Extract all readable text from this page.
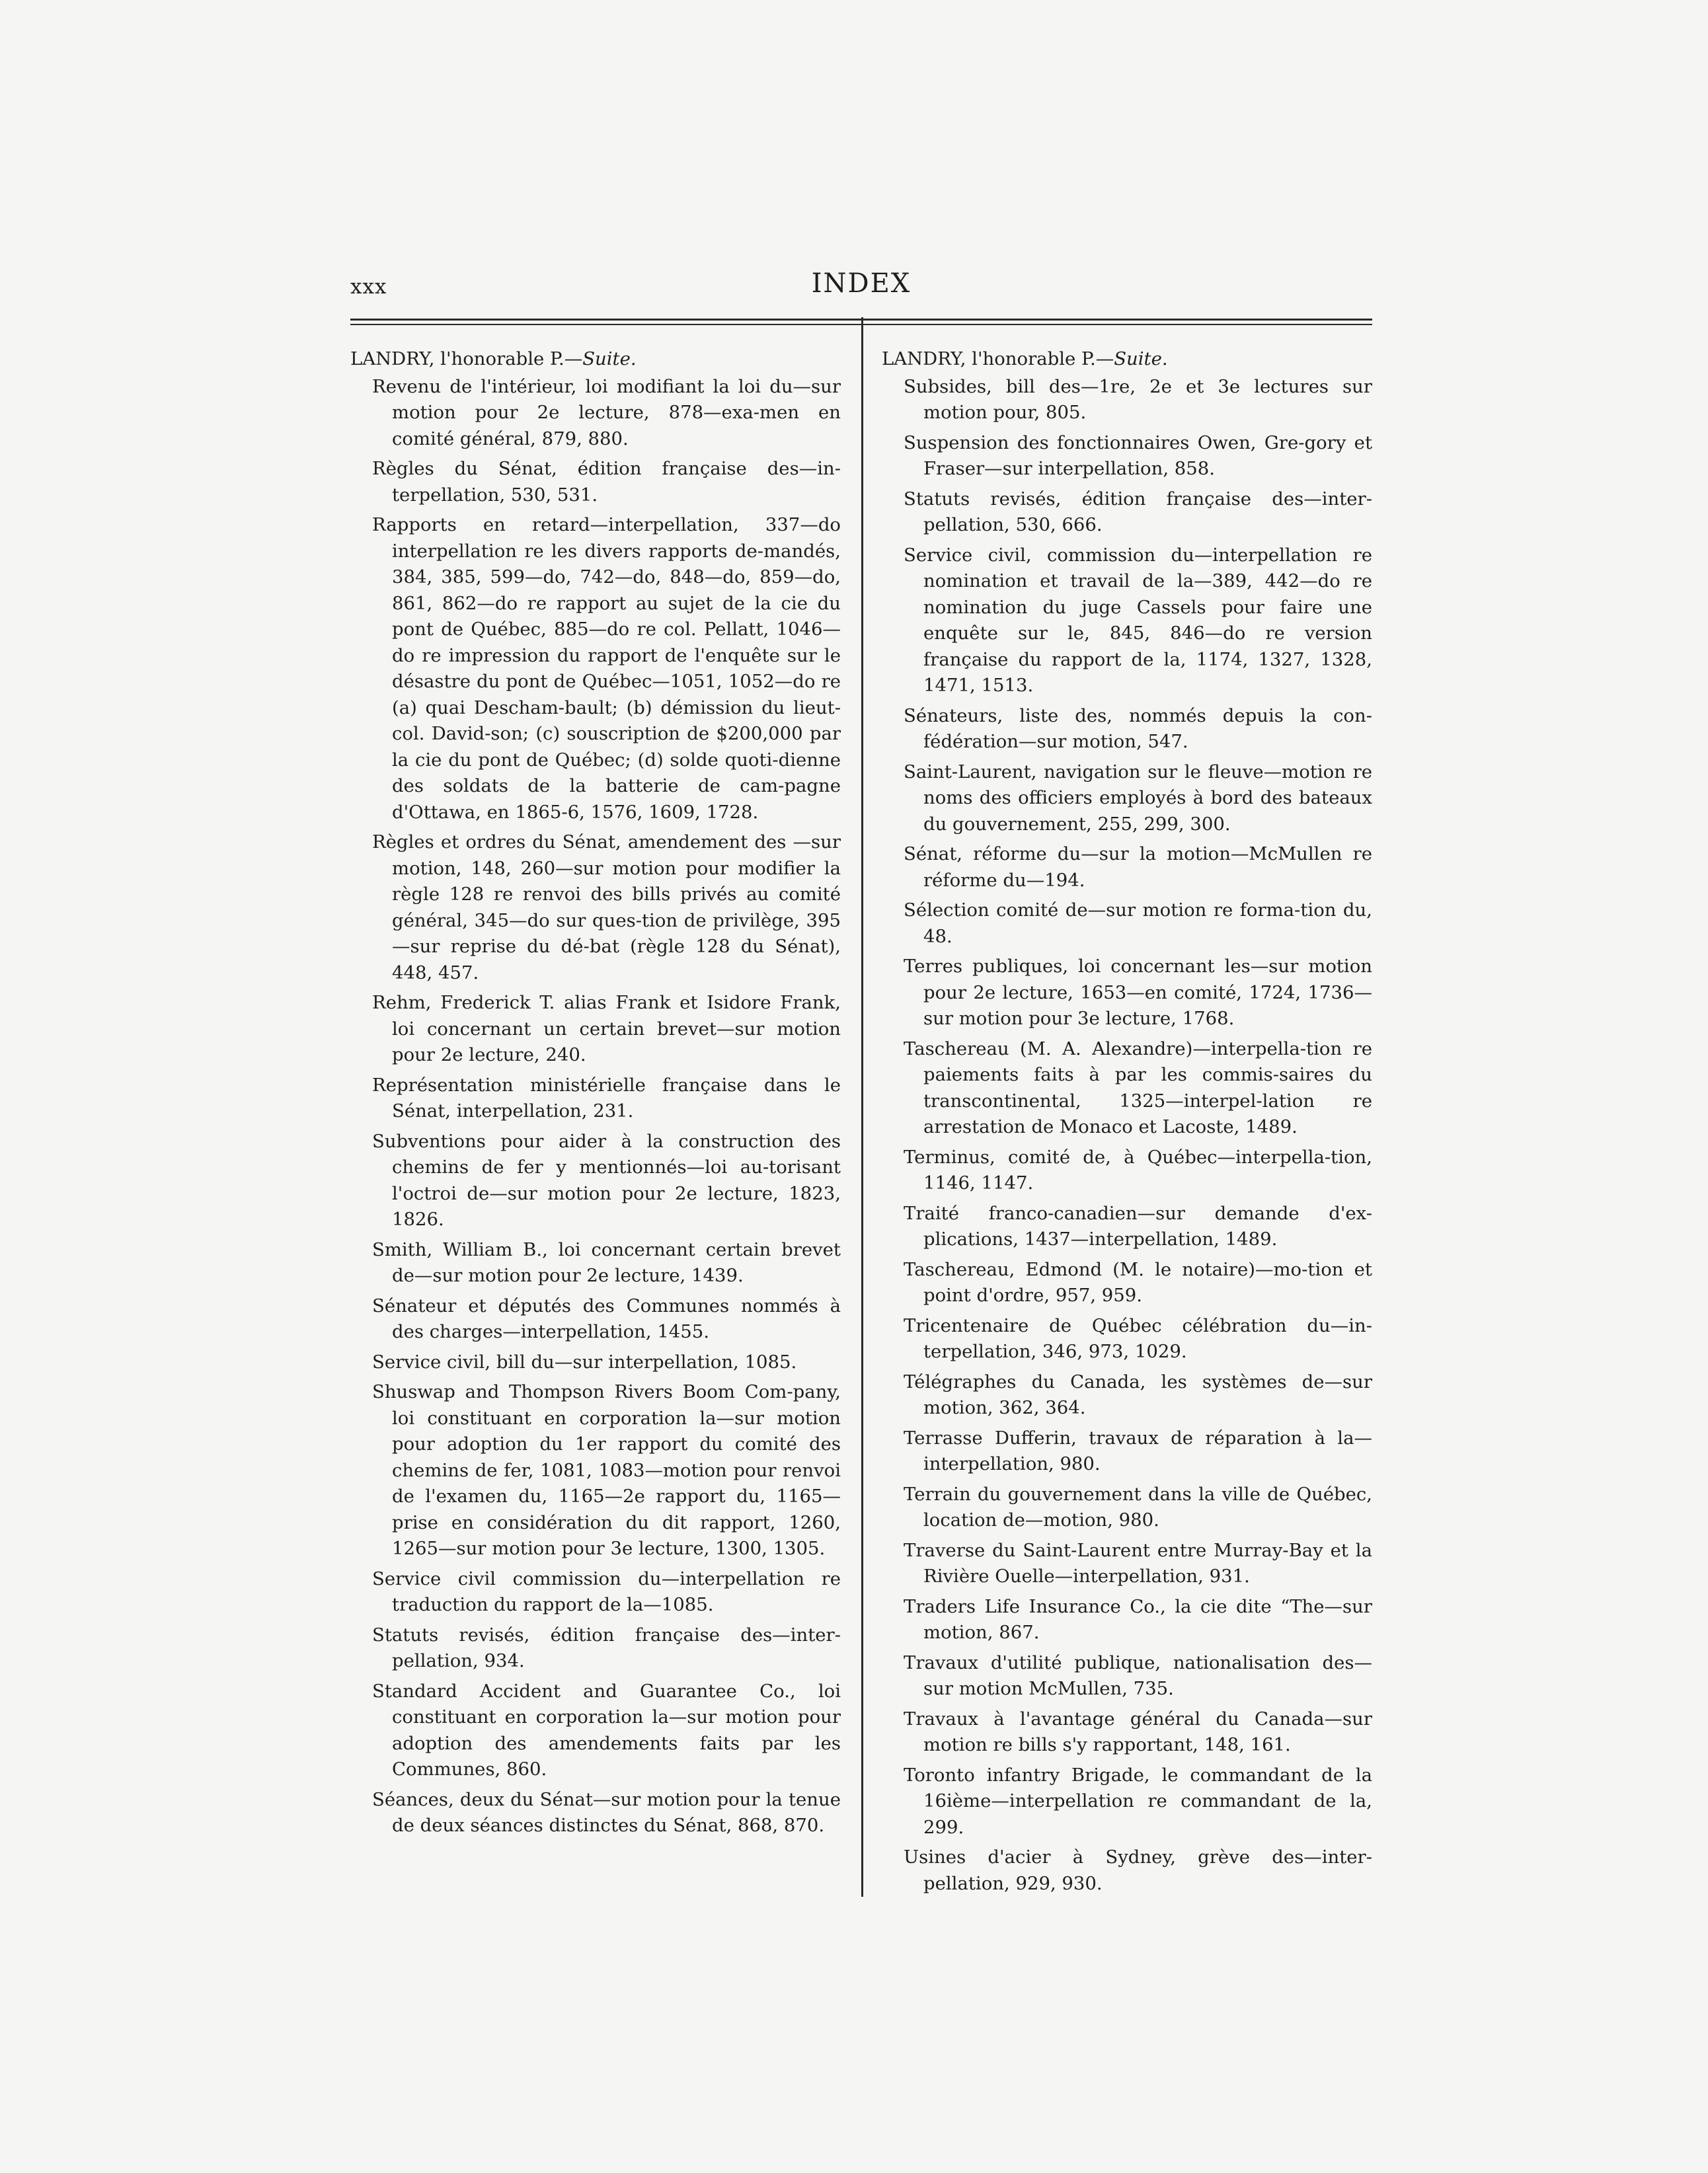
xxx	INDEX
LANDRY, l'honorable P.—Suite.

Revenu de l'intérieur, loi modifiant la loi du—sur motion pour 2e lecture, 878—exa-men en comité général, 879, 880.

Règles du Sénat, édition française des—in-terpellation, 530, 531.

Rapports en retard—interpellation, 337—do interpellation re les divers rapports de-mandés, 384, 385, 599—do, 742—do, 848—do, 859—do, 861, 862—do re rapport au sujet de la cie du pont de Québec, 885—do re col. Pellatt, 1046—do re impression du rapport de l'enquête sur le désastre du pont de Québec—1051, 1052—do re (a) quai Descham-bault; (b) démission du lieut-col. David-son; (c) souscription de $200,000 par la cie du pont de Québec; (d) solde quoti-dienne des soldats de la batterie de cam-pagne d'Ottawa, en 1865-6, 1576, 1609, 1728.

Règles et ordres du Sénat, amendement des —sur motion, 148, 260—sur motion pour modifier la règle 128 re renvoi des bills privés au comité général, 345—do sur ques-tion de privilège, 395—sur reprise du dé-bat (règle 128 du Sénat), 448, 457.

Rehm, Frederick T. alias Frank et Isidore Frank, loi concernant un certain brevet—sur motion pour 2e lecture, 240.

Représentation ministérielle française dans le Sénat, interpellation, 231.

Subventions pour aider à la construction des chemins de fer y mentionnés—loi au-torisant l'octroi de—sur motion pour 2e lecture, 1823, 1826.

Smith, William B., loi concernant certain brevet de—sur motion pour 2e lecture, 1439.

Sénateur et députés des Communes nommés à des charges—interpellation, 1455.

Service civil, bill du—sur interpellation, 1085.

Shuswap and Thompson Rivers Boom Com-pany, loi constituant en corporation la—sur motion pour adoption du 1er rapport du comité des chemins de fer, 1081, 1083—motion pour renvoi de l'examen du, 1165—2e rapport du, 1165—prise en considération du dit rapport, 1260, 1265—sur motion pour 3e lecture, 1300, 1305.

Service civil commission du—interpellation re traduction du rapport de la—1085.

Statuts revisés, édition française des—inter-pellation, 934.

Standard Accident and Guarantee Co., loi constituant en corporation la—sur motion pour adoption des amendements faits par les Communes, 860.

Séances, deux du Sénat—sur motion pour la tenue de deux séances distinctes du Sénat, 868, 870.

LANDRY, l'honorable P.—Suite.

Subsides, bill des—1re, 2e et 3e lectures sur motion pour, 805.

Suspension des fonctionnaires Owen, Gre-gory et Fraser—sur interpellation, 858.

Statuts revisés, édition française des—inter-pellation, 530, 666.

Service civil, commission du—interpellation re nomination et travail de la—389, 442—do re nomination du juge Cassels pour faire une enquête sur le, 845, 846—do re version française du rapport de la, 1174, 1327, 1328, 1471, 1513.

Sénateurs, liste des, nommés depuis la con-fédération—sur motion, 547.

Saint-Laurent, navigation sur le fleuve—motion re noms des officiers employés à bord des bateaux du gouvernement, 255, 299, 300.

Sénat, réforme du—sur la motion—McMullen re réforme du—194.

Sélection comité de—sur motion re forma-tion du, 48.

Terres publiques, loi concernant les—sur motion pour 2e lecture, 1653—en comité, 1724, 1736—sur motion pour 3e lecture, 1768.

Taschereau (M. A. Alexandre)—interpella-tion re paiements faits à par les commis-saires du transcontinental, 1325—interpel-lation re arrestation de Monaco et Lacoste, 1489.

Terminus, comité de, à Québec—interpella-tion, 1146, 1147.

Traité franco-canadien—sur demande d'ex-plications, 1437—interpellation, 1489.

Taschereau, Edmond (M. le notaire)—mo-tion et point d'ordre, 957, 959.

Tricentenaire de Québec célébration du—in-terpellation, 346, 973, 1029.

Télégraphes du Canada, les systèmes de—sur motion, 362, 364.

Terrasse Dufferin, travaux de réparation à la—interpellation, 980.

Terrain du gouvernement dans la ville de Québec, location de—motion, 980.

Traverse du Saint-Laurent entre Murray-Bay et la Rivière Ouelle—interpellation, 931.

Traders Life Insurance Co., la cie dite “The—sur motion, 867.

Travaux d'utilité publique, nationalisation des—sur motion McMullen, 735.

Travaux à l'avantage général du Canada—sur motion re bills s'y rapportant, 148, 161.

Toronto infantry Brigade, le commandant de la 16ième—interpellation re commandant de la, 299.

Usines d'acier à Sydney, grève des—inter-pellation, 929, 930.
